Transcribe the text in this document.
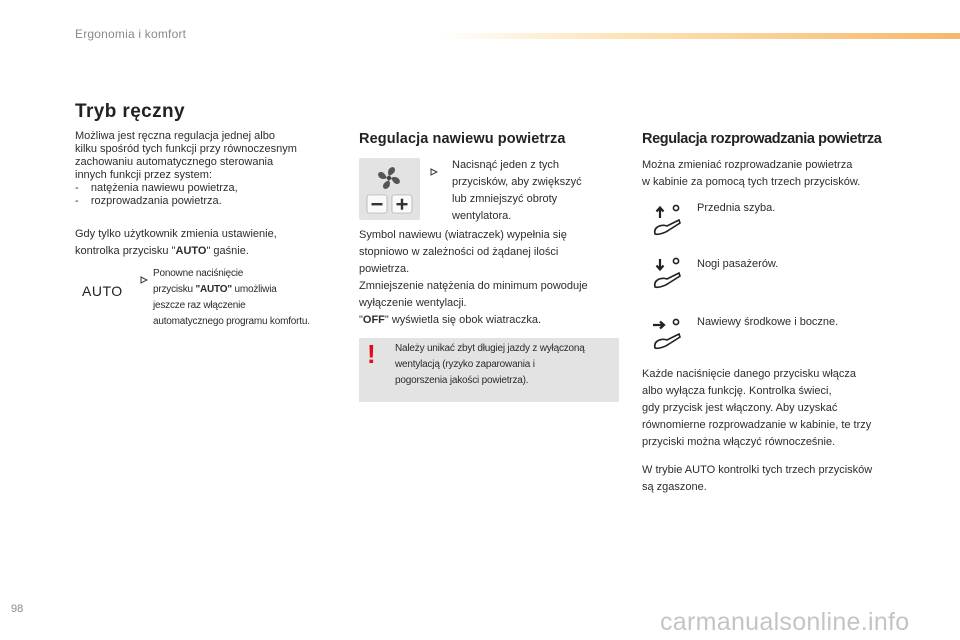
Ergonomia i komfort
Tryb ręczny
Możliwa jest ręczna regulacja jednej albo
kilku spośród tych funkcji przy równoczesnym
zachowaniu automatycznego sterowania
innych funkcji przez system:
-    natężenia nawiewu powietrza,
-    rozprowadzania powietrza.
Gdy tylko użytkownik zmienia ustawienie,
kontrolka przycisku "AUTO" gaśnie.
AUTO
Ponowne naciśnięcie
przycisku "AUTO" umożliwia
jeszcze raz włączenie
automatycznego programu komfortu.
Regulacja nawiewu powietrza
Nacisnąć jeden z tych
przycisków, aby zwiększyć
lub zmniejszyć obroty
wentylatora.
Symbol nawiewu (wiatraczek) wypełnia się
stopniowo w zależności od żądanej ilości
powietrza.
Zmniejszenie natężenia do minimum powoduje
wyłączenie wentylacji.
"OFF" wyświetla się obok wiatraczka.
! Należy unikać zbyt długiej jazdy z wyłączoną
wentylacją (ryzyko zaparowania i
pogorszenia jakości powietrza).
Regulacja rozprowadzania powietrza
Można zmieniać rozprowadzanie powietrza
w kabinie za pomocą tych trzech przycisków.
Przednia szyba.
Nogi pasażerów.
Nawiewy środkowe i boczne.
Każde naciśnięcie danego przycisku włącza
albo wyłącza funkcję. Kontrolka świeci,
gdy przycisk jest włączony. Aby uzyskać
równomierne rozprowadzanie w kabinie, te trzy
przyciski można włączyć równocześnie.
W trybie AUTO kontrolki tych trzech przycisków
są zgaszone.
98	carmanualsonline.info
